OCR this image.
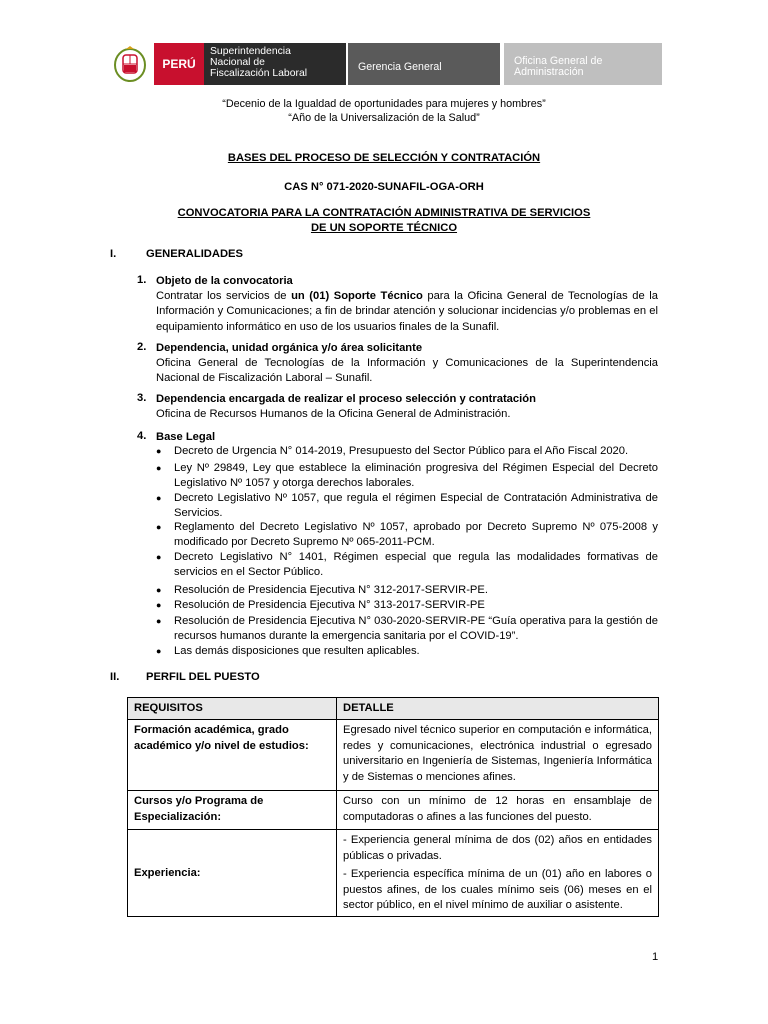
PERÚ
Superintendencia
Nacional de
Fiscalización Laboral
Gerencia General	Oficina General de
Administración
“Decenio de la Igualdad de oportunidades para mujeres y hombres”
“Año de la Universalización de la Salud”
BASES DEL PROCESO DE SELECCIÓN Y CONTRATACIÓN
CAS N° 071-2020-SUNAFIL-OGA-ORH
CONVOCATORIA PARA LA CONTRATACIÓN ADMINISTRATIVA DE SERVICIOS
DE UN SOPORTE TÉCNICO
I.	GENERALIDADES
1. Objeto de la convocatoria
Contratar los servicios de un (01) Soporte Técnico para la Oficina General de Tecnologías de la Información y Comunicaciones; a fin de brindar atención y solucionar incidencias y/o problemas en el equipamiento informático en uso de los usuarios finales de la Sunafil.
2. Dependencia, unidad orgánica y/o área solicitante
Oficina General de Tecnologías de la Información y Comunicaciones de la Superintendencia Nacional de Fiscalización Laboral – Sunafil.
3. Dependencia encargada de realizar el proceso selección y contratación
Oficina de Recursos Humanos de la Oficina General de Administración.
4. Base Legal
●	Decreto de Urgencia N° 014-2019, Presupuesto del Sector Público para el Año Fiscal 2020.
●	Ley Nº 29849, Ley que establece la eliminación progresiva del Régimen Especial del Decreto Legislativo Nº 1057 y otorga derechos laborales.
●	Decreto Legislativo Nº 1057, que regula el régimen Especial de Contratación Administrativa de Servicios.
●	Reglamento del Decreto Legislativo Nº 1057, aprobado por Decreto Supremo Nº 075-2008 y modificado por Decreto Supremo Nº 065-2011-PCM.
●	Decreto Legislativo N° 1401, Régimen especial que regula las modalidades formativas de servicios en el Sector Público.
●	Resolución de Presidencia Ejecutiva N° 312-2017-SERVIR-PE.
●	Resolución de Presidencia Ejecutiva N° 313-2017-SERVIR-PE
●	Resolución de Presidencia Ejecutiva N° 030-2020-SERVIR-PE “Guía operativa para la gestión de recursos humanos durante la emergencia sanitaria por el COVID-19”.
●	Las demás disposiciones que resulten aplicables.
II. PERFIL DEL PUESTO
REQUISITOS	DETALLE
Formación académica, grado académico y/o nivel de estudios:	Egresado nivel técnico superior en computación e informática, redes y comunicaciones, electrónica industrial o egresado universitario en Ingeniería de Sistemas, Ingeniería Informática y de Sistemas o menciones afines.
Cursos y/o Programa de Especialización:	Curso con un mínimo de 12 horas en ensamblaje de computadoras o afines a las funciones del puesto.
Experiencia:	- Experiencia general mínima de dos (02) años en entidades públicas o privadas.
- Experiencia específica mínima de un (01) año en labores o puestos afines, de los cuales mínimo seis (06) meses en el sector público, en el nivel mínimo de auxiliar o asistente.
1
